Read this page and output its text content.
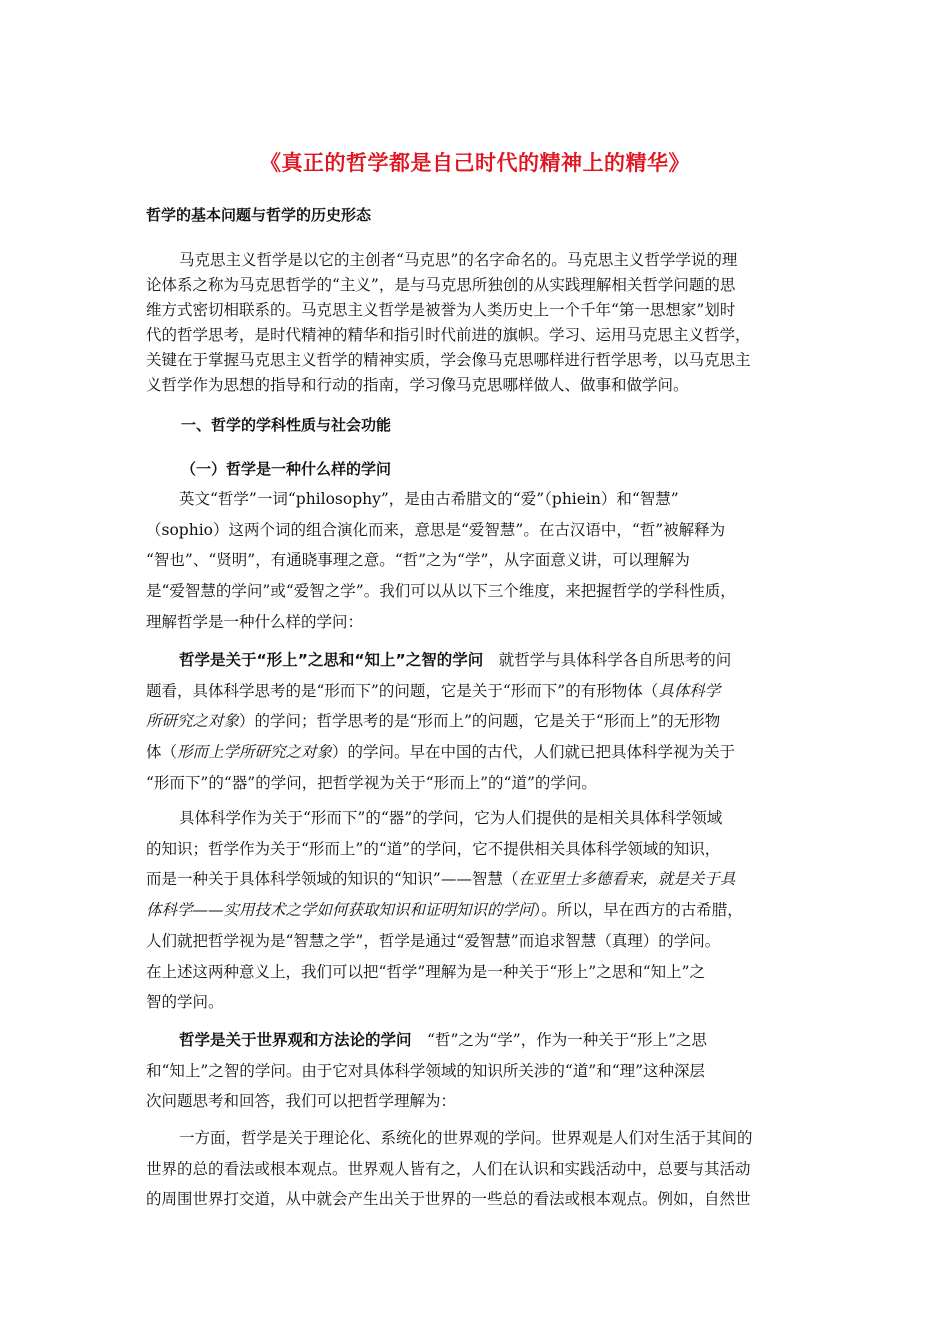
《真正的哲学都是自己时代的精神上的精华》
哲学的基本问题与哲学的历史形态
马克思主义哲学是以它的主创者“马克思”的名字命名的。马克思主义哲学学说的理
论体系之称为马克思哲学的“主义”，是与马克思所独创的从实践理解相关哲学问题的思
维方式密切相联系的。马克思主义哲学是被誉为人类历史上一个千年“第一思想家”划时
代的哲学思考，是时代精神的精华和指引时代前进的旗帜。学习、运用马克思主义哲学，
关键在于掌握马克思主义哲学的精神实质，学会像马克思哪样进行哲学思考，以马克思主
义哲学作为思想的指导和行动的指南，学习像马克思哪样做人、做事和做学问。
一、哲学的学科性质与社会功能
（一）哲学是一种什么样的学问
英文“哲学”一词“philosophy”，是由古希腊文的“爱”（phiein）和“智慧”
（sophio）这两个词的组合演化而来，意思是“爱智慧”。在古汉语中，“哲”被解释为
“智也”、“贤明”，有通晓事理之意。“哲”之为“学”，从字面意义讲，可以理解为
是“爱智慧的学问”或“爱智之学”。我们可以从以下三个维度，来把握哲学的学科性质，
理解哲学是一种什么样的学问：
哲学是关于“形上”之思和“知上”之智的学问　就哲学与具体科学各自所思考的问
题看，具体科学思考的是“形而下”的问题，它是关于“形而下”的有形物体（具体科学
所研究之对象）的学问；哲学思考的是“形而上”的问题，它是关于“形而上”的无形物
体（形而上学所研究之对象）的学问。早在中国的古代，人们就已把具体科学视为关于
“形而下”的“器”的学问，把哲学视为关于“形而上”的“道”的学问。
具体科学作为关于“形而下”的“器”的学问，它为人们提供的是相关具体科学领域
的知识；哲学作为关于“形而上”的“道”的学问，它不提供相关具体科学领域的知识，
而是一种关于具体科学领域的知识的“知识”——智慧（在亚里士多德看来，就是关于具
体科学——实用技术之学如何获取知识和证明知识的学问）。所以，早在西方的古希腊，
人们就把哲学视为是“智慧之学”，哲学是通过“爱智慧”而追求智慧（真理）的学问。
在上述这两种意义上，我们可以把“哲学”理解为是一种关于“形上”之思和“知上”之
智的学问。
哲学是关于世界观和方法论的学问　“哲”之为“学”，作为一种关于“形上”之思
和“知上”之智的学问。由于它对具体科学领域的知识所关涉的“道”和“理”这种深层
次问题思考和回答，我们可以把哲学理解为：
一方面，哲学是关于理论化、系统化的世界观的学问。世界观是人们对生活于其间的
世界的总的看法或根本观点。世界观人皆有之，人们在认识和实践活动中，总要与其活动
的周围世界打交道，从中就会产生出关于世界的一些总的看法或根本观点。例如，自然世
